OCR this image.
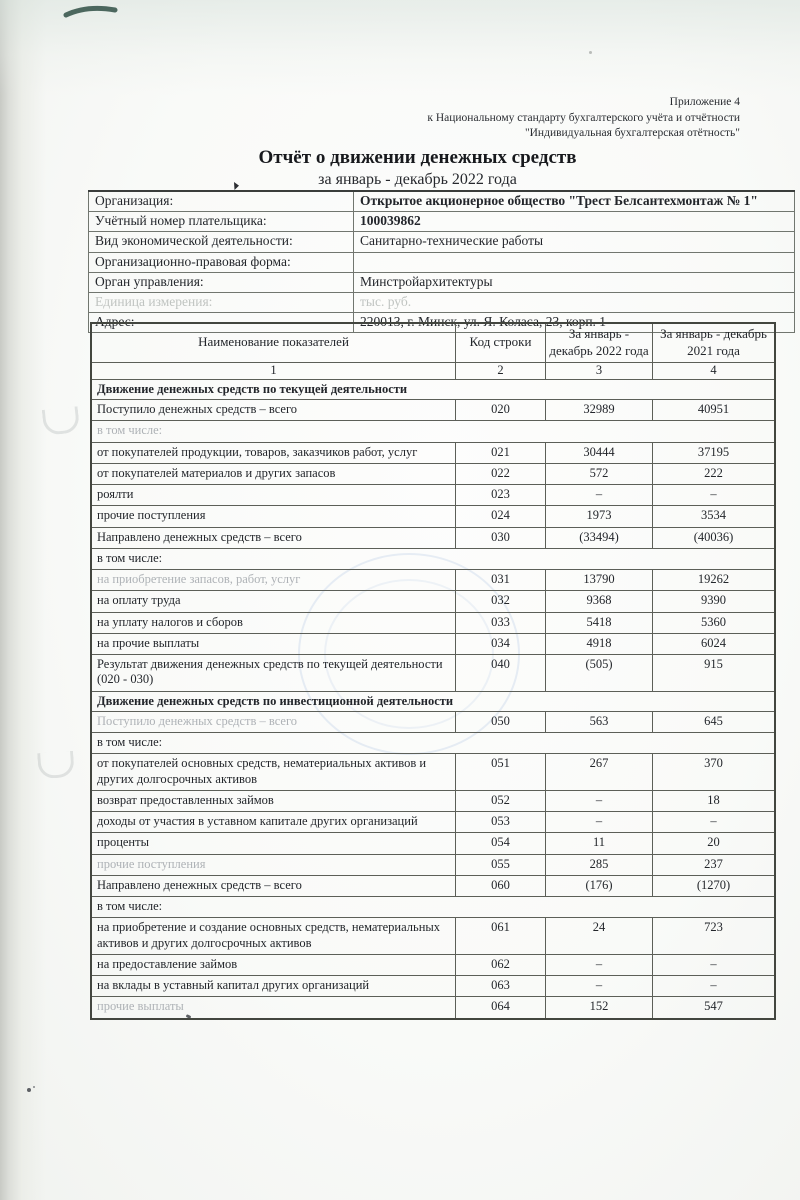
Приложение 4
к Национальному стандарту бухгалтерского учёта и отчётности
"Индивидуальная бухгалтерская отётность"
Отчёт о движении денежных средств
за январь - декабрь 2022 года
Организация:	Открытое акционерное общество "Трест Белсантехмонтаж № 1"
Учётный номер плательщика:	100039862
Вид экономической деятельности:	Санитарно-технические работы
Организационно-правовая форма:	
Орган управления:	Минстройархитектуры
Единица измерения:	тыс. руб.
Адрес:	220013, г. Минск, ул. Я. Коласа, 23, корп. 1
Наименование показателей	Код строки	За январь - декабрь 2022 года	За январь - декабрь 2021 года
1	2	3	4
Движение денежных средств по текущей деятельности			
Поступило денежных средств – всего	020	32989	40951
в том числе:			
от покупателей продукции, товаров, заказчиков работ, услуг	021	30444	37195
от покупателей материалов и других запасов	022	572	222
роялти	023	–	–
прочие поступления	024	1973	3534
Направлено денежных средств – всего	030	(33494)	(40036)
в том числе:			
на приобретение запасов, работ, услуг	031	13790	19262
на оплату труда	032	9368	9390
на уплату налогов и сборов	033	5418	5360
на прочие выплаты	034	4918	6024
Результат движения денежных средств по текущей деятельности (020 - 030)	040	(505)	915
Движение денежных средств по инвестиционной деятельности			
Поступило денежных средств – всего	050	563	645
в том числе:			
от покупателей основных средств, нематериальных активов и других долгосрочных активов	051	267	370
возврат предоставленных займов	052	–	18
доходы от участия в уставном капитале других организаций	053	–	–
проценты	054	11	20
прочие поступления	055	285	237
Направлено денежных средств – всего	060	(176)	(1270)
в том числе:			
на приобретение и создание основных средств, нематериальных активов и других долгосрочных активов	061	24	723
на предоставление займов	062	–	–
на вклады в уставный капитал других организаций	063	–	–
прочие выплаты	064	152	547
